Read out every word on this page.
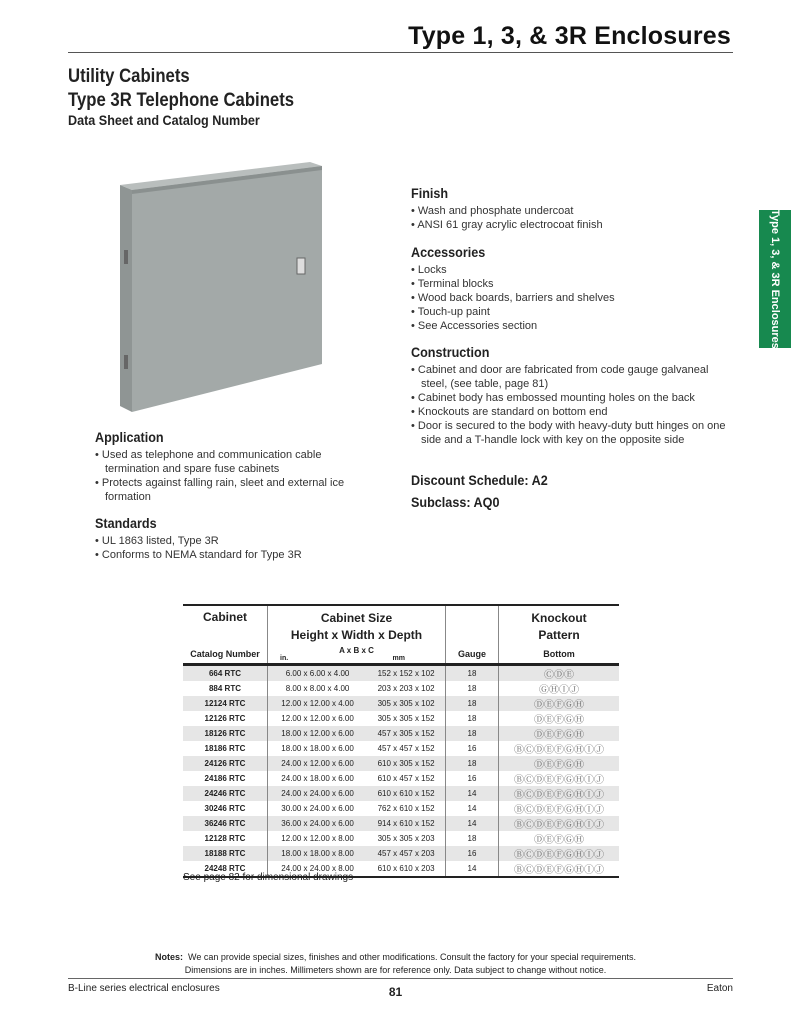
Type 1, 3, & 3R Enclosures
Utility Cabinets
Type 3R Telephone Cabinets
Data Sheet and Catalog Number
Type 1, 3, & 3R Enclosures
Finish
• Wash and phosphate undercoat
• ANSI 61 gray acrylic electrocoat finish
Accessories
• Locks
• Terminal blocks
• Wood back boards, barriers and shelves
• Touch-up paint
• See Accessories section
Construction
• Cabinet and door are fabricated from code gauge galvaneal steel, (see table, page 81)
• Cabinet body has embossed mounting holes on the back
• Knockouts are standard on bottom end
• Door is secured to the body with heavy-duty butt hinges on one side and a T-handle lock with key on the opposite side
Discount Schedule: A2
Subclass: AQ0
Application
• Used as telephone and communication cable termination and spare fuse cabinets
• Protects against falling rain, sleet and external ice formation
Standards
• UL 1863 listed, Type 3R
• Conforms to NEMA standard for Type 3R
Cabinet	Cabinet Size
Height x Width x Depth			Knockout
Pattern
Catalog Number	A x B x C
in. mm		Gauge	Bottom
664 RTC	6.00 x 6.00 x 4.00	152 x 152 x 102	18	ⒸⒹⒺ
884 RTC	8.00 x 8.00 x 4.00	203 x 203 x 102	18	ⒼⒽⒾⒿ
12124 RTC	12.00 x 12.00 x 4.00	305 x 305 x 102	18	ⒹⒺⒻⒼⒽ
12126 RTC	12.00 x 12.00 x 6.00	305 x 305 x 152	18	ⒹⒺⒻⒼⒽ
18126 RTC	18.00 x 12.00 x 6.00	457 x 305 x 152	18	ⒹⒺⒻⒼⒽ
18186 RTC	18.00 x 18.00 x 6.00	457 x 457 x 152	16	ⒷⒸⒹⒺⒻⒼⒽⒾⒿ
24126 RTC	24.00 x 12.00 x 6.00	610 x 305 x 152	18	ⒹⒺⒻⒼⒽ
24186 RTC	24.00 x 18.00 x 6.00	610 x 457 x 152	16	ⒷⒸⒹⒺⒻⒼⒽⒾⒿ
24246 RTC	24.00 x 24.00 x 6.00	610 x 610 x 152	14	ⒷⒸⒹⒺⒻⒼⒽⒾⒿ
30246 RTC	30.00 x 24.00 x 6.00	762 x 610 x 152	14	ⒷⒸⒹⒺⒻⒼⒽⒾⒿ
36246 RTC	36.00 x 24.00 x 6.00	914 x 610 x 152	14	ⒷⒸⒹⒺⒻⒼⒽⒾⒿ
12128 RTC	12.00 x 12.00 x 8.00	305 x 305 x 203	18	ⒹⒺⒻⒼⒽ
18188 RTC	18.00 x 18.00 x 8.00	457 x 457 x 203	16	ⒷⒸⒹⒺⒻⒼⒽⒾⒿ
24248 RTC	24.00 x 24.00 x 8.00	610 x 610 x 203	14	ⒷⒸⒹⒺⒻⒼⒽⒾⒿ
See page 82 for dimensional drawings
Notes: We can provide special sizes, finishes and other modifications. Consult the factory for your special requirements.
Dimensions are in inches. Millimeters shown are for reference only. Data subject to change without notice.
B-Line series electrical enclosures	81	Eaton
